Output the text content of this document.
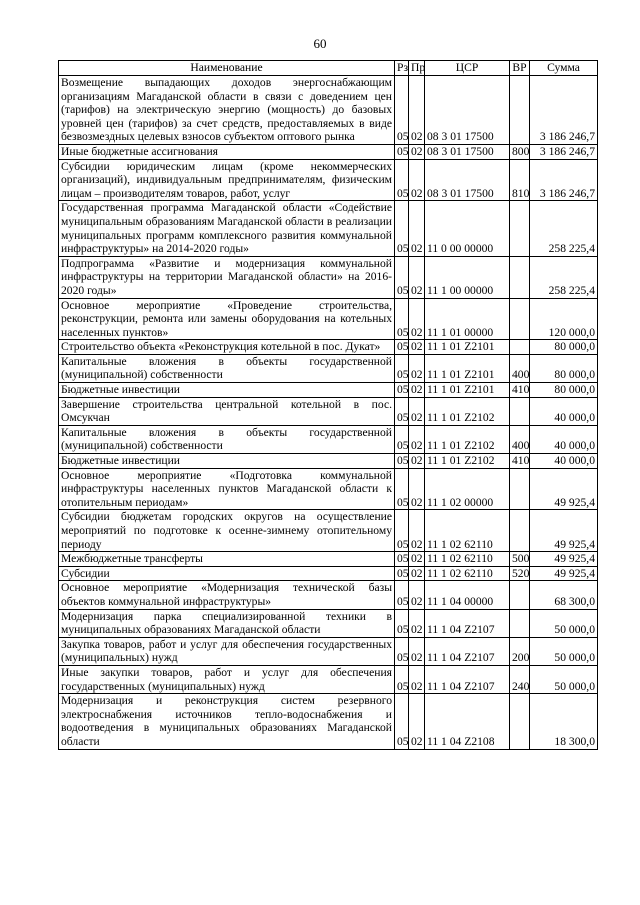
60
Наименование	Рз	Пр	ЦСР	ВР	Сумма
Возмещение выпадающих доходов энергоснабжающим организациям Магаданской области в связи с доведением цен (тарифов) на электрическую энергию (мощность) до базовых уровней цен (тарифов) за счет средств, предоставляемых в виде безвозмездных целевых взносов субъектом оптового рынка	05	02	08 3 01 17500		3 186 246,7
Иные бюджетные ассигнования	05	02	08 3 01 17500	800	3 186 246,7
Субсидии юридическим лицам (кроме некоммерческих организаций), индивидуальным предпринимателям, физическим лицам – производителям товаров, работ, услуг	05	02	08 3 01 17500	810	3 186 246,7
Государственная программа Магаданской области «Содействие муниципальным образованиям Магаданской области в реализации муниципальных программ комплексного развития коммунальной инфраструктуры» на 2014-2020 годы»	05	02	11 0 00 00000		258 225,4
Подпрограмма «Развитие и модернизация коммунальной инфраструктуры на территории Магаданской области» на 2016-2020 годы»	05	02	11 1 00 00000		258 225,4
Основное мероприятие «Проведение строительства, реконструкции, ремонта или замены оборудования на котельных населенных пунктов»	05	02	11 1 01 00000		120 000,0
Строительство объекта «Реконструкция котельной в пос. Дукат»	05	02	11 1 01 Z2101		80 000,0
Капитальные вложения в объекты государственной (муниципальной) собственности	05	02	11 1 01 Z2101	400	80 000,0
Бюджетные инвестиции	05	02	11 1 01 Z2101	410	80 000,0
Завершение строительства центральной котельной в пос. Омсукчан	05	02	11 1 01 Z2102		40 000,0
Капитальные вложения в объекты государственной (муниципальной) собственности	05	02	11 1 01 Z2102	400	40 000,0
Бюджетные инвестиции	05	02	11 1 01 Z2102	410	40 000,0
Основное мероприятие «Подготовка коммунальной инфраструктуры населенных пунктов Магаданской области к отопительным периодам»	05	02	11 1 02 00000		49 925,4
Субсидии бюджетам городских округов на осуществление мероприятий по подготовке к осенне-зимнему отопительному периоду	05	02	11 1 02 62110		49 925,4
Межбюджетные трансферты	05	02	11 1 02 62110	500	49 925,4
Субсидии	05	02	11 1 02 62110	520	49 925,4
Основное мероприятие «Модернизация технической базы объектов коммунальной инфраструктуры»	05	02	11 1 04 00000		68 300,0
Модернизация парка специализированной техники в муниципальных образованиях Магаданской области	05	02	11 1 04 Z2107		50 000,0
Закупка товаров, работ и услуг для обеспечения государственных (муниципальных) нужд	05	02	11 1 04 Z2107	200	50 000,0
Иные закупки товаров, работ и услуг для обеспечения государственных (муниципальных) нужд	05	02	11 1 04 Z2107	240	50 000,0
Модернизация и реконструкция систем резервного электроснабжения источников тепло-водоснабжения и водоотведения в муниципальных образованиях Магаданской области	05	02	11 1 04 Z2108		18 300,0
